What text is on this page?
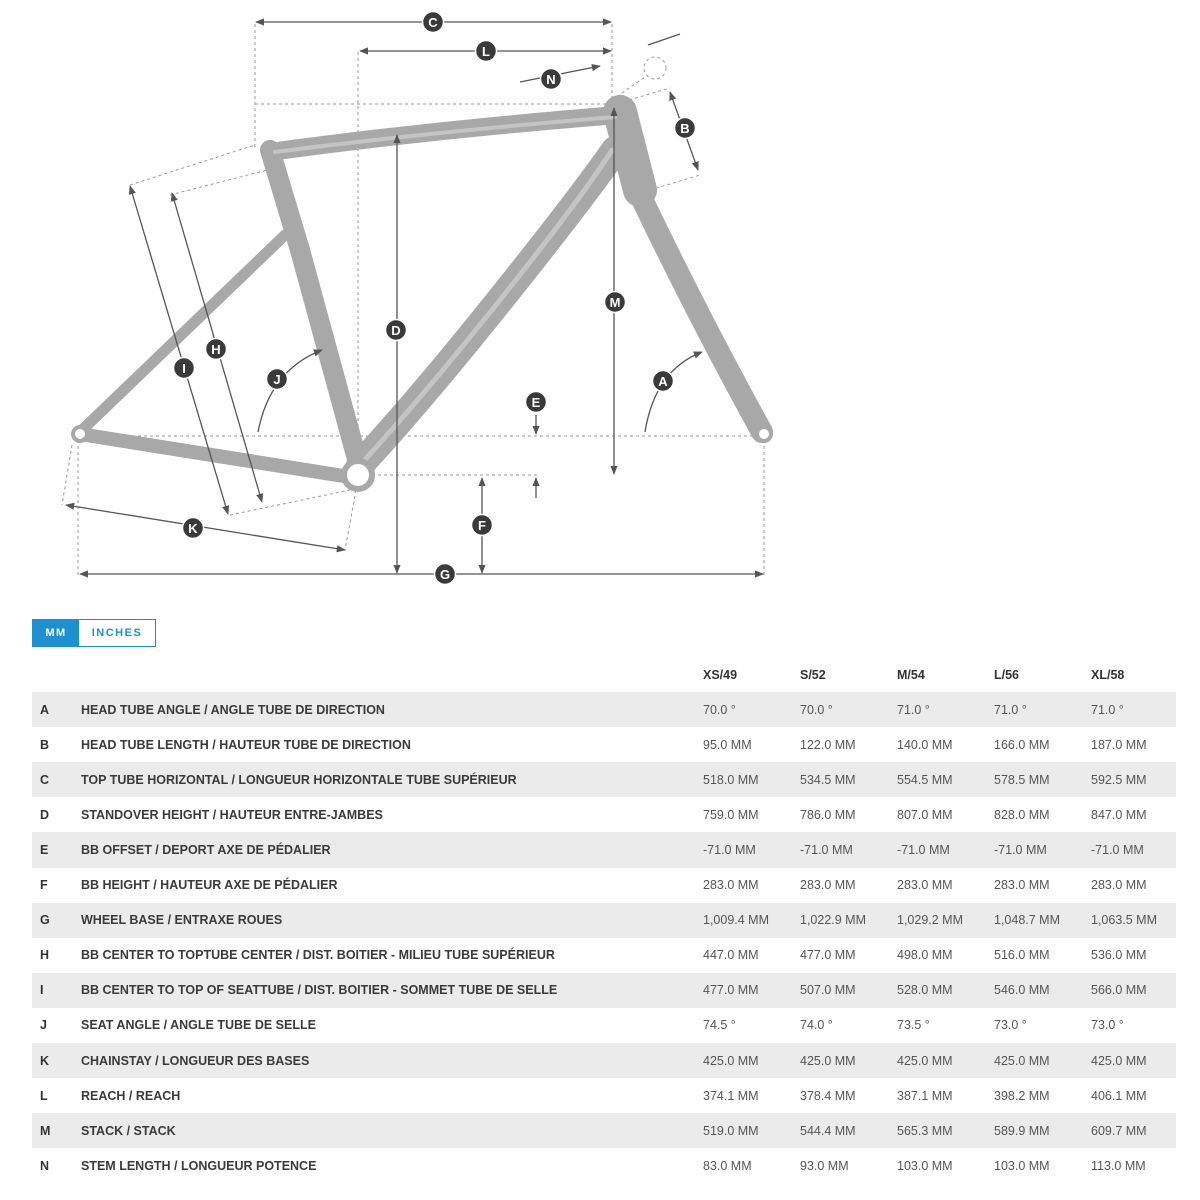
A
B
C
D
E
F
G
H
I
J
K
L
M
N
MM	INCHES
		XS/49	S/52	M/54	L/56	XL/58
A	HEAD TUBE ANGLE / ANGLE TUBE DE DIRECTION	70.0 °	70.0 °	71.0 °	71.0 °	71.0 °
B	HEAD TUBE LENGTH / HAUTEUR TUBE DE DIRECTION	95.0 MM	122.0 MM	140.0 MM	166.0 MM	187.0 MM
C	TOP TUBE HORIZONTAL / LONGUEUR HORIZONTALE TUBE SUPÉRIEUR	518.0 MM	534.5 MM	554.5 MM	578.5 MM	592.5 MM
D	STANDOVER HEIGHT / HAUTEUR ENTRE-JAMBES	759.0 MM	786.0 MM	807.0 MM	828.0 MM	847.0 MM
E	BB OFFSET / DEPORT AXE DE PÉDALIER	-71.0 MM	-71.0 MM	-71.0 MM	-71.0 MM	-71.0 MM
F	BB HEIGHT / HAUTEUR AXE DE PÉDALIER	283.0 MM	283.0 MM	283.0 MM	283.0 MM	283.0 MM
G	WHEEL BASE / ENTRAXE ROUES	1,009.4 MM	1,022.9 MM	1,029.2 MM	1,048.7 MM	1,063.5 MM
H	BB CENTER TO TOPTUBE CENTER / DIST. BOITIER - MILIEU TUBE SUPÉRIEUR	447.0 MM	477.0 MM	498.0 MM	516.0 MM	536.0 MM
I	BB CENTER TO TOP OF SEATTUBE / DIST. BOITIER - SOMMET TUBE DE SELLE	477.0 MM	507.0 MM	528.0 MM	546.0 MM	566.0 MM
J	SEAT ANGLE / ANGLE TUBE DE SELLE	74.5 °	74.0 °	73.5 °	73.0 °	73.0 °
K	CHAINSTAY / LONGUEUR DES BASES	425.0 MM	425.0 MM	425.0 MM	425.0 MM	425.0 MM
L	REACH / REACH	374.1 MM	378.4 MM	387.1 MM	398.2 MM	406.1 MM
M	STACK / STACK	519.0 MM	544.4 MM	565.3 MM	589.9 MM	609.7 MM
N	STEM LENGTH / LONGUEUR POTENCE	83.0 MM	93.0 MM	103.0 MM	103.0 MM	113.0 MM
